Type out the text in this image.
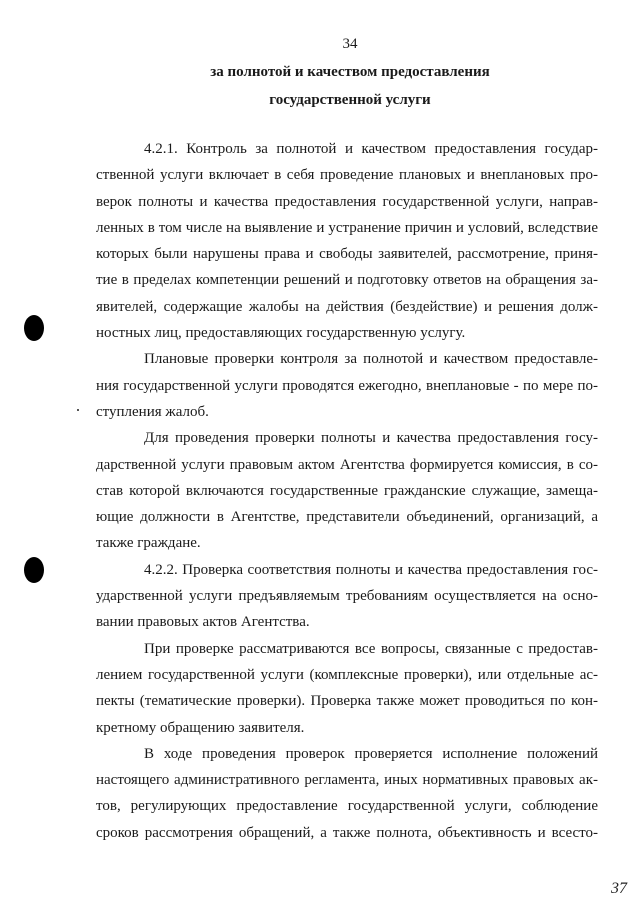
34
за полнотой и качеством предоставления
государственной услуги
4.2.1. Контроль за полнотой и качеством предоставления государ-
ственной услуги включает в себя проведение плановых и внеплановых про-
верок полноты и качества предоставления государственной услуги, направ-
ленных в том числе на выявление и устранение причин и условий, вследствие
которых были нарушены права и свободы заявителей, рассмотрение, приня-
тие в пределах компетенции решений и подготовку ответов на обращения за-
явителей, содержащие жалобы на действия (бездействие) и решения долж-
ностных лиц, предоставляющих государственную услугу.
Плановые проверки контроля за полнотой и качеством предоставле-
ния государственной услуги проводятся ежегодно, внеплановые - по мере по-
ступления жалоб.
Для проведения проверки полноты и качества предоставления госу-
дарственной услуги правовым актом Агентства формируется комиссия, в со-
став которой включаются государственные гражданские служащие, замеща-
ющие должности в Агентстве, представители объединений, организаций, а
также граждане.
4.2.2. Проверка соответствия полноты и качества предоставления гос-
ударственной услуги предъявляемым требованиям осуществляется на осно-
вании правовых актов Агентства.
При проверке рассматриваются все вопросы, связанные с предостав-
лением государственной услуги (комплексные проверки), или отдельные ас-
пекты (тематические проверки). Проверка также может проводиться по кон-
кретному обращению заявителя.
В ходе проведения проверок проверяется исполнение положений
настоящего административного регламента, иных нормативных правовых ак-
тов, регулирующих предоставление государственной услуги, соблюдение
сроков рассмотрения обращений, а также полнота, объективность и всесто-
37
